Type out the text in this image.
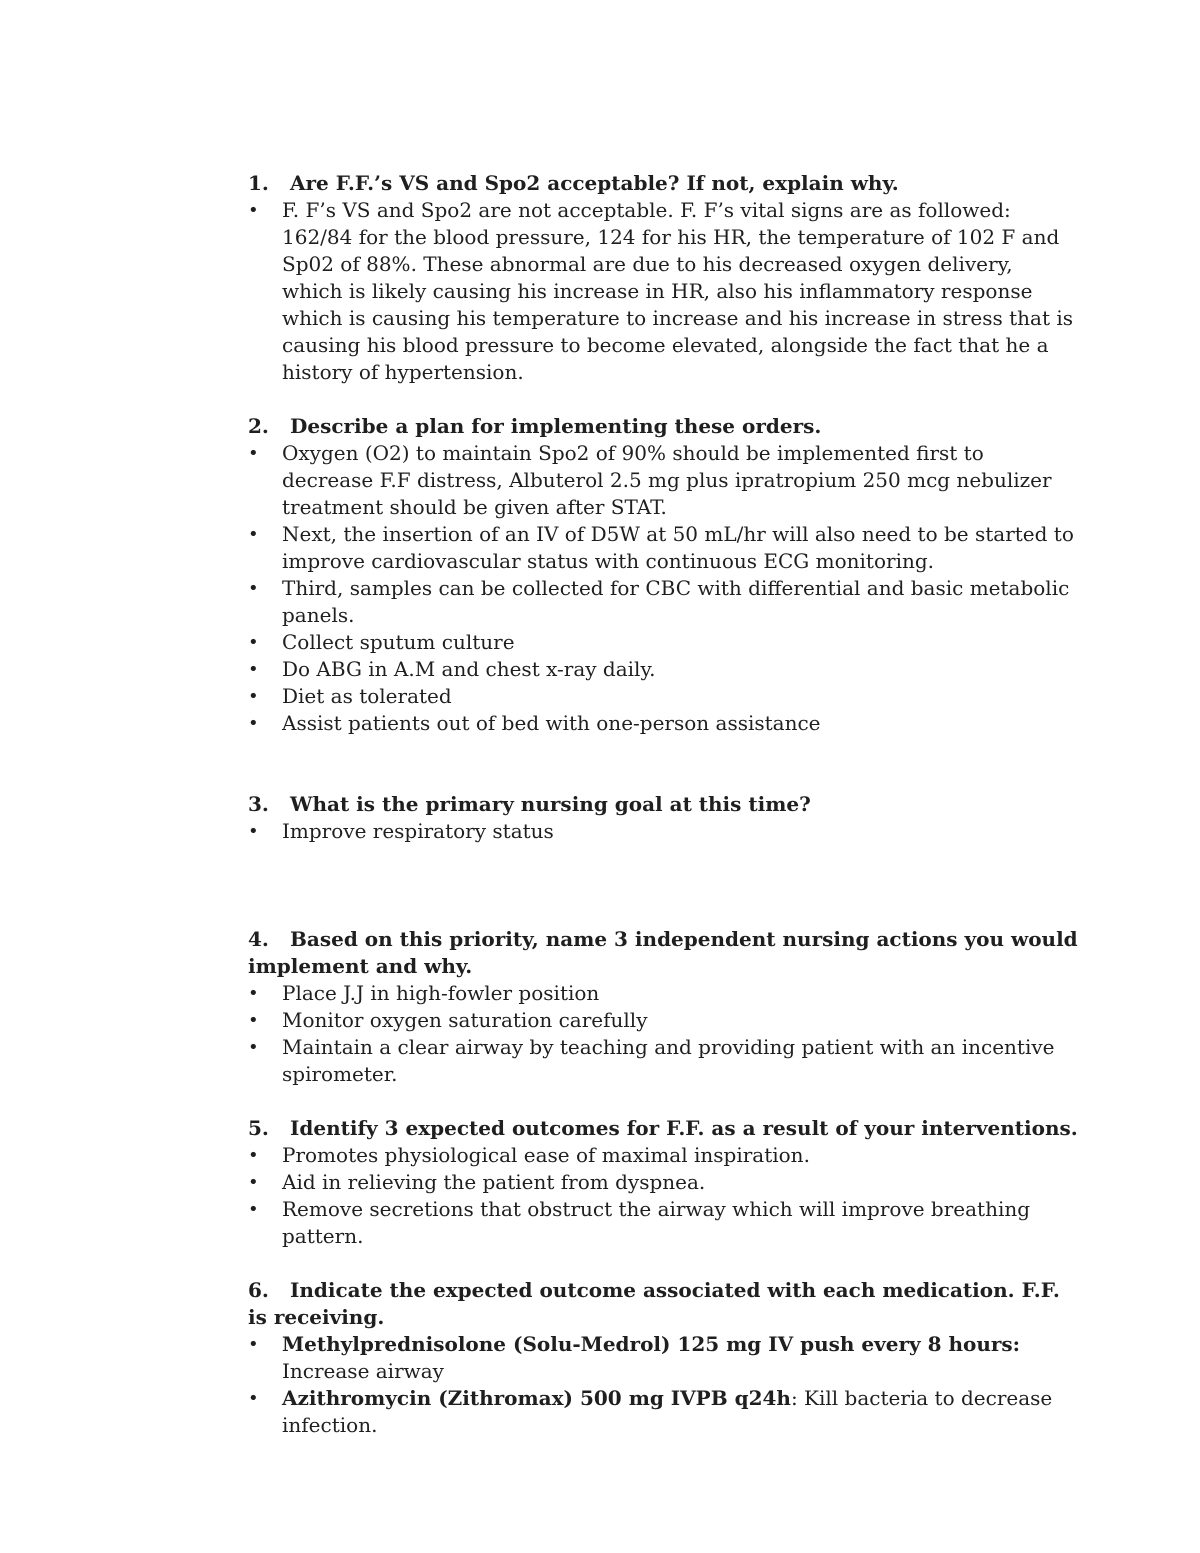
1. Are F.F.’s VS and Spo2 acceptable? If not, explain why.

• F. F’s VS and Spo2 are not acceptable. F. F’s vital signs are as followed: 162/84 for the blood pressure, 124 for his HR, the temperature of 102 F and Sp02 of 88%. These abnormal are due to his decreased oxygen delivery, which is likely causing his increase in HR, also his inflammatory response which is causing his temperature to increase and his increase in stress that is causing his blood pressure to become elevated, alongside the fact that he a history of hypertension.

2. Describe a plan for implementing these orders.

• Oxygen (O2) to maintain Spo2 of 90% should be implemented first to decrease F.F distress, Albuterol 2.5 mg plus ipratropium 250 mcg nebulizer treatment should be given after STAT.
• Next, the insertion of an IV of D5W at 50 mL/hr will also need to be started to improve cardiovascular status with continuous ECG monitoring.
• Third, samples can be collected for CBC with differential and basic metabolic panels.
• Collect sputum culture
• Do ABG in A.M and chest x-ray daily.
• Diet as tolerated
• Assist patients out of bed with one-person assistance

3. What is the primary nursing goal at this time?

• Improve respiratory status

4. Based on this priority, name 3 independent nursing actions you would implement and why.

• Place J.J in high-fowler position
• Monitor oxygen saturation carefully
• Maintain a clear airway by teaching and providing patient with an incentive spirometer.

5. Identify 3 expected outcomes for F.F. as a result of your interventions.

• Promotes physiological ease of maximal inspiration.
• Aid in relieving the patient from dyspnea.
• Remove secretions that obstruct the airway which will improve breathing pattern.

6. Indicate the expected outcome associated with each medication. F.F. is receiving.

• Methylprednisolone (Solu-Medrol) 125 mg IV push every 8 hours: Increase airway
• Azithromycin (Zithromax) 500 mg IVPB q24h: Kill bacteria to decrease infection.
